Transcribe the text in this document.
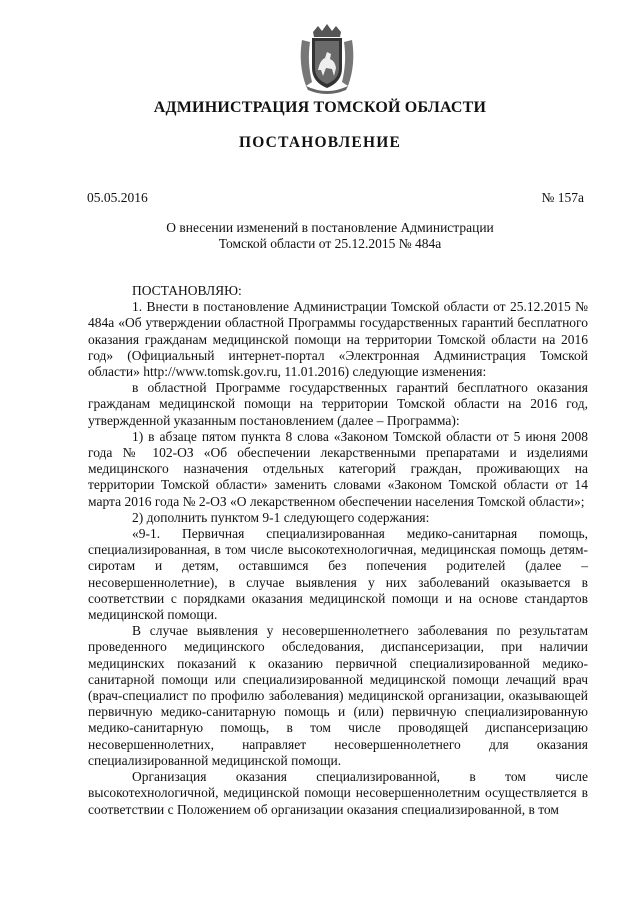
АДМИНИСТРАЦИЯ ТОМСКОЙ ОБЛАСТИ
ПОСТАНОВЛЕНИЕ
05.05.2016	№ 157а
О внесении изменений в постановление Администрации
Томской области от 25.12.2015 № 484а

ПОСТАНОВЛЯЮ:

1. Внести в постановление Администрации Томской области от 25.12.2015 № 484а «Об утверждении областной Программы государственных гарантий бесплатного оказания гражданам медицинской помощи на территории Томской области на 2016 год» (Официальный интернет-портал «Электронная Администрация Томской области» http://www.tomsk.gov.ru, 11.01.2016) следующие изменения:

в областной Программе государственных гарантий бесплатного оказания гражданам медицинской помощи на территории Томской области на 2016 год, утвержденной указанным постановлением (далее – Программа):

1) в абзаце пятом пункта 8 слова «Законом Томской области от 5 июня 2008 года № 102-ОЗ «Об обеспечении лекарственными препаратами и изделиями медицинского назначения отдельных категорий граждан, проживающих на территории Томской области» заменить словами «Законом Томской области от 14 марта 2016 года № 2-ОЗ «О лекарственном обеспечении населения Томской области»;

2) дополнить пунктом 9-1 следующего содержания:

«9-1. Первичная специализированная медико-санитарная помощь, специализированная, в том числе высокотехнологичная, медицинская помощь детям-сиротам и детям, оставшимся без попечения родителей (далее – несовершеннолетние), в случае выявления у них заболеваний оказывается в соответствии с порядками оказания медицинской помощи и на основе стандартов медицинской помощи.

В случае выявления у несовершеннолетнего заболевания по результатам проведенного медицинского обследования, диспансеризации, при наличии медицинских показаний к оказанию первичной специализированной медико-санитарной помощи или специализированной медицинской помощи лечащий врач (врач-специалист по профилю заболевания) медицинской организации, оказывающей первичную медико-санитарную помощь и (или) первичную специализированную медико-санитарную помощь, в том числе проводящей диспансеризацию несовершеннолетних, направляет несовершеннолетнего для оказания специализированной медицинской помощи.

Организация оказания специализированной, в том числе высокотехнологичной, медицинской помощи несовершеннолетним осуществляется в соответствии с Положением об организации оказания специализированной, в том
